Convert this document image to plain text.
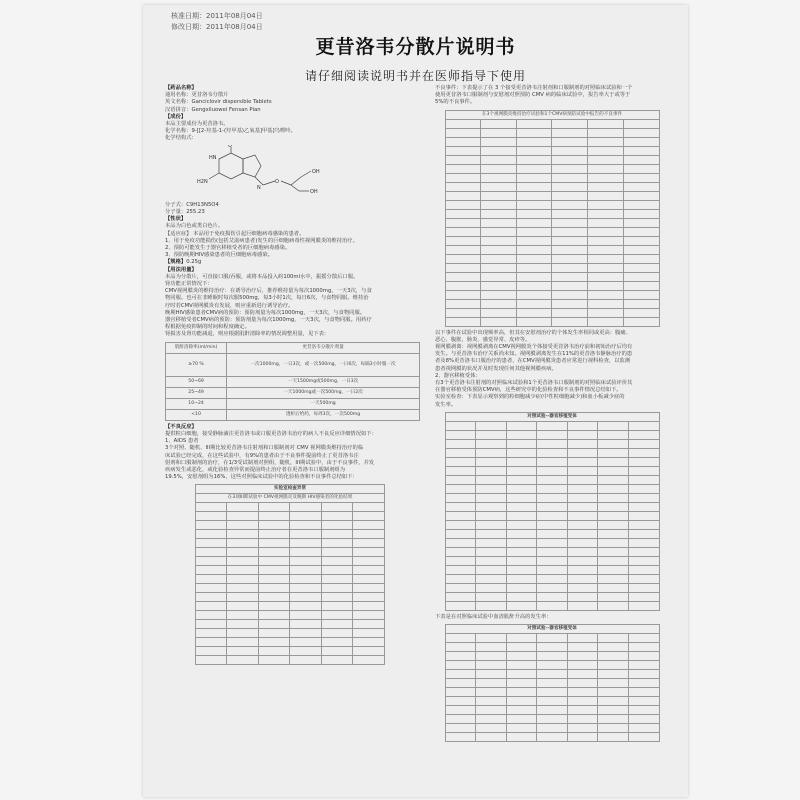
核准日期：2011年08月04日
修改日期：2011年08月04日
更昔洛韦分散片说明书
请仔细阅读说明书并在医师指导下使用

【药品名称】

通用名称：更昔洛韦分散片

英文名称：Ganciclovir dispersible Tablets

汉语拼音：Gengxiluowei Fensan Pian

【成份】

本品主要成份为更昔洛韦。

化学名称：9-[[2-羟基-1-(羟甲基)乙氧基]甲基]鸟嘌呤。

化学结构式：

O
H2N
HN
N
O
OH
OH

分子式：C9H13N5O4

分子量：255.23

【性状】

本品为白色或类白色片。

【适应症】 本品用于免疫损伤引起巨细胞病毒感染的患者。

1、用于免疫功能损伤(包括艾滋病患者)发生的巨细胞病毒性视网膜炎的维持治疗。

2、预防可能发生于器官移植受者的巨细胞病毒感染。

3、预防晚期HIV感染患者的巨细胞病毒感染。

【规格】0.25g

【用法用量】

本品为分散片，可直接口服/吞服，或将本品投入約100ml水中，振摇分散后口服。

肾功能正常情况下：

CMV视网膜炎的维持治疗：在诱导治疗后，推荐维持量为每次1000mg，一天3次，与食

物同服。也可在非睡眠时每次服500mg，每3小时1次，每日6次，与食物同服。维持治

疗时若CMV视网膜炎有发展，则应重新进行诱导治疗。

晚期HIV感染患者CMV病的预防：预防剂量为每次1000mg，一天3次，与食物同服。

器官移植受者CMV病的预防：预防剂量为每次1000mg，一天3次，与食物同服。用药疗

程根据免疫抑制的时间和程度确定。

肾损害及肾功能减退，则应根据肌酐清除率的情况调整用量，见下表：

肌酐清除率(ml/min)	更昔洛韦分散片剂量
≥70 %	一次1000mg，一日3次，或一次500mg，一日6次，每隔3小时服一次
50~69	一天1500mg或500mg，一日3次
25~49	一天1000mg或一次500mg，一日2次
10~24	一天500mg
<10	透析后给药，每周3次，一次500mg

【不良反应】

提供粒白细胞，接受静脉滴注更昔洛韦或口服更昔洛韦治疗的病人不良反应详细情况如下：

1、AIDS 患者

3个对照、随机、III期比较更昔洛韦注射剂和口服制剂对 CMV 视网膜炎维持治疗的临

床试验已经完成，在这些试验中，有9%的患者由于不良事件提前终止了更昔洛韦注

射剂和口服制剂的治疗，在1/3受试制剂对照组，随机，III期试验中，由于不良事件，并发

疾病发生或恶化，或化验检查异常而提前终止治疗者在更昔洛韦口服制剂组为

19.5%，安慰剂组为16%，这些对照临床试验中的化验检查和不良事件总结如下：

实验室检查异常					
在3项III期试验中 CMV视网膜炎及晚期 HIV感染者的化验结果					

不良事件：下表提示了在 3 个接受更昔洛韦注射剂和口服制剂的对照临床试验和一个

使用更昔洛韦口服制剂与安慰剂对照预防 CMV 病的临床试验中，报告率大于或等于

5%的不良事件。

在3个视网膜炎维持治疗试验和1个CMV病预防试验中报告的不良事件					

以下事件在试验中出现频率高，但其在安慰剂治疗的个体发生率相同或更高：腹痛、

恶心、腹胀、肠炎、感觉异常、皮疹等。

视网膜剥离：视网膜剥离在CMV视网膜炎个体接受更昔洛韦治疗前和初始治疗后均有

发生。与更昔洛韦治疗关系尚未知。视网膜剥离发生在11%的更昔洛韦静脉治疗的患

者及8%更昔洛韦口服治疗的患者，在CMV视网膜炎患者应常进行视科检查，以监测

患者视网膜的状况并及时发现任何其他视网膜疾病。

2、器官移植受体：

有3个更昔洛韦注射剂的对照临床试验和1个更昔洛韦口服制剂的对照临床试验评价其

在器官移植受体预防CMV病，这些研究中的化验检查和不良事件情况总结如下。

实验室检查：下表显示观察到的粒细胞减少症(中性粒细胞减少)和血小板减少症的

发生率。

对照试验--器官移植受体						

下表是在对照临床试验中血清肌酐升高的发生率：

对照试验--器官移植受体						
